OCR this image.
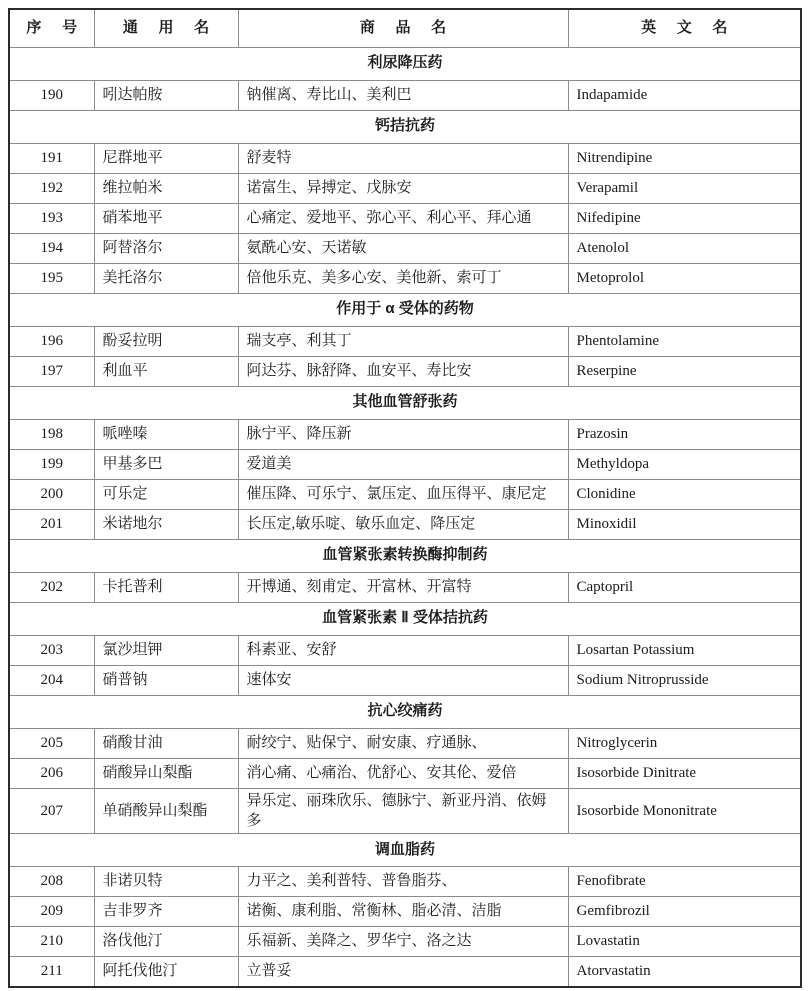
序 号	通 用 名	商 品 名	英 文 名
利尿降压药			
190	吲达帕胺	钠催离、寿比山、美利巴	Indapamide
钙拮抗药			
191	尼群地平	舒麦特	Nitrendipine
192	维拉帕米	诺富生、异搏定、戊脉安	Verapamil
193	硝苯地平	心痛定、爱地平、弥心平、利心平、拜心通	Nifedipine
194	阿替洛尔	氨酰心安、天诺敏	Atenolol
195	美托洛尔	倍他乐克、美多心安、美他新、索可丁	Metoprolol
作用于 α 受体的药物			
196	酚妥拉明	瑞支亭、利其丁	Phentolamine
197	利血平	阿达芬、脉舒降、血安平、寿比安	Reserpine
其他血管舒张药			
198	哌唑嗪	脉宁平、降压新	Prazosin
199	甲基多巴	爱道美	Methyldopa
200	可乐定	催压降、可乐宁、氯压定、血压得平、康尼定	Clonidine
201	米诺地尔	长压定,敏乐啶、敏乐血定、降压定	Minoxidil
血管紧张素转换酶抑制药			
202	卡托普利	开博通、刻甫定、开富林、开富特	Captopril
血管紧张素 Ⅱ 受体拮抗药			
203	氯沙坦钾	科素亚、安舒	Losartan Potassium
204	硝普钠	速体安	Sodium Nitroprusside
抗心绞痛药			
205	硝酸甘油	耐绞宁、贴保宁、耐安康、疗通脉、	Nitroglycerin
206	硝酸异山梨酯	消心痛、心痛治、优舒心、安其伦、爱倍	Isosorbide Dinitrate
207	单硝酸异山梨酯	异乐定、丽珠欣乐、德脉宁、新亚丹消、依姆多	Isosorbide Mononitrate
调血脂药			
208	非诺贝特	力平之、美利普特、普鲁脂芬、	Fenofibrate
209	吉非罗齐	诺衡、康利脂、常衡林、脂必清、洁脂	Gemfibrozil
210	洛伐他汀	乐福新、美降之、罗华宁、洛之达	Lovastatin
211	阿托伐他汀	立普妥	Atorvastatin
